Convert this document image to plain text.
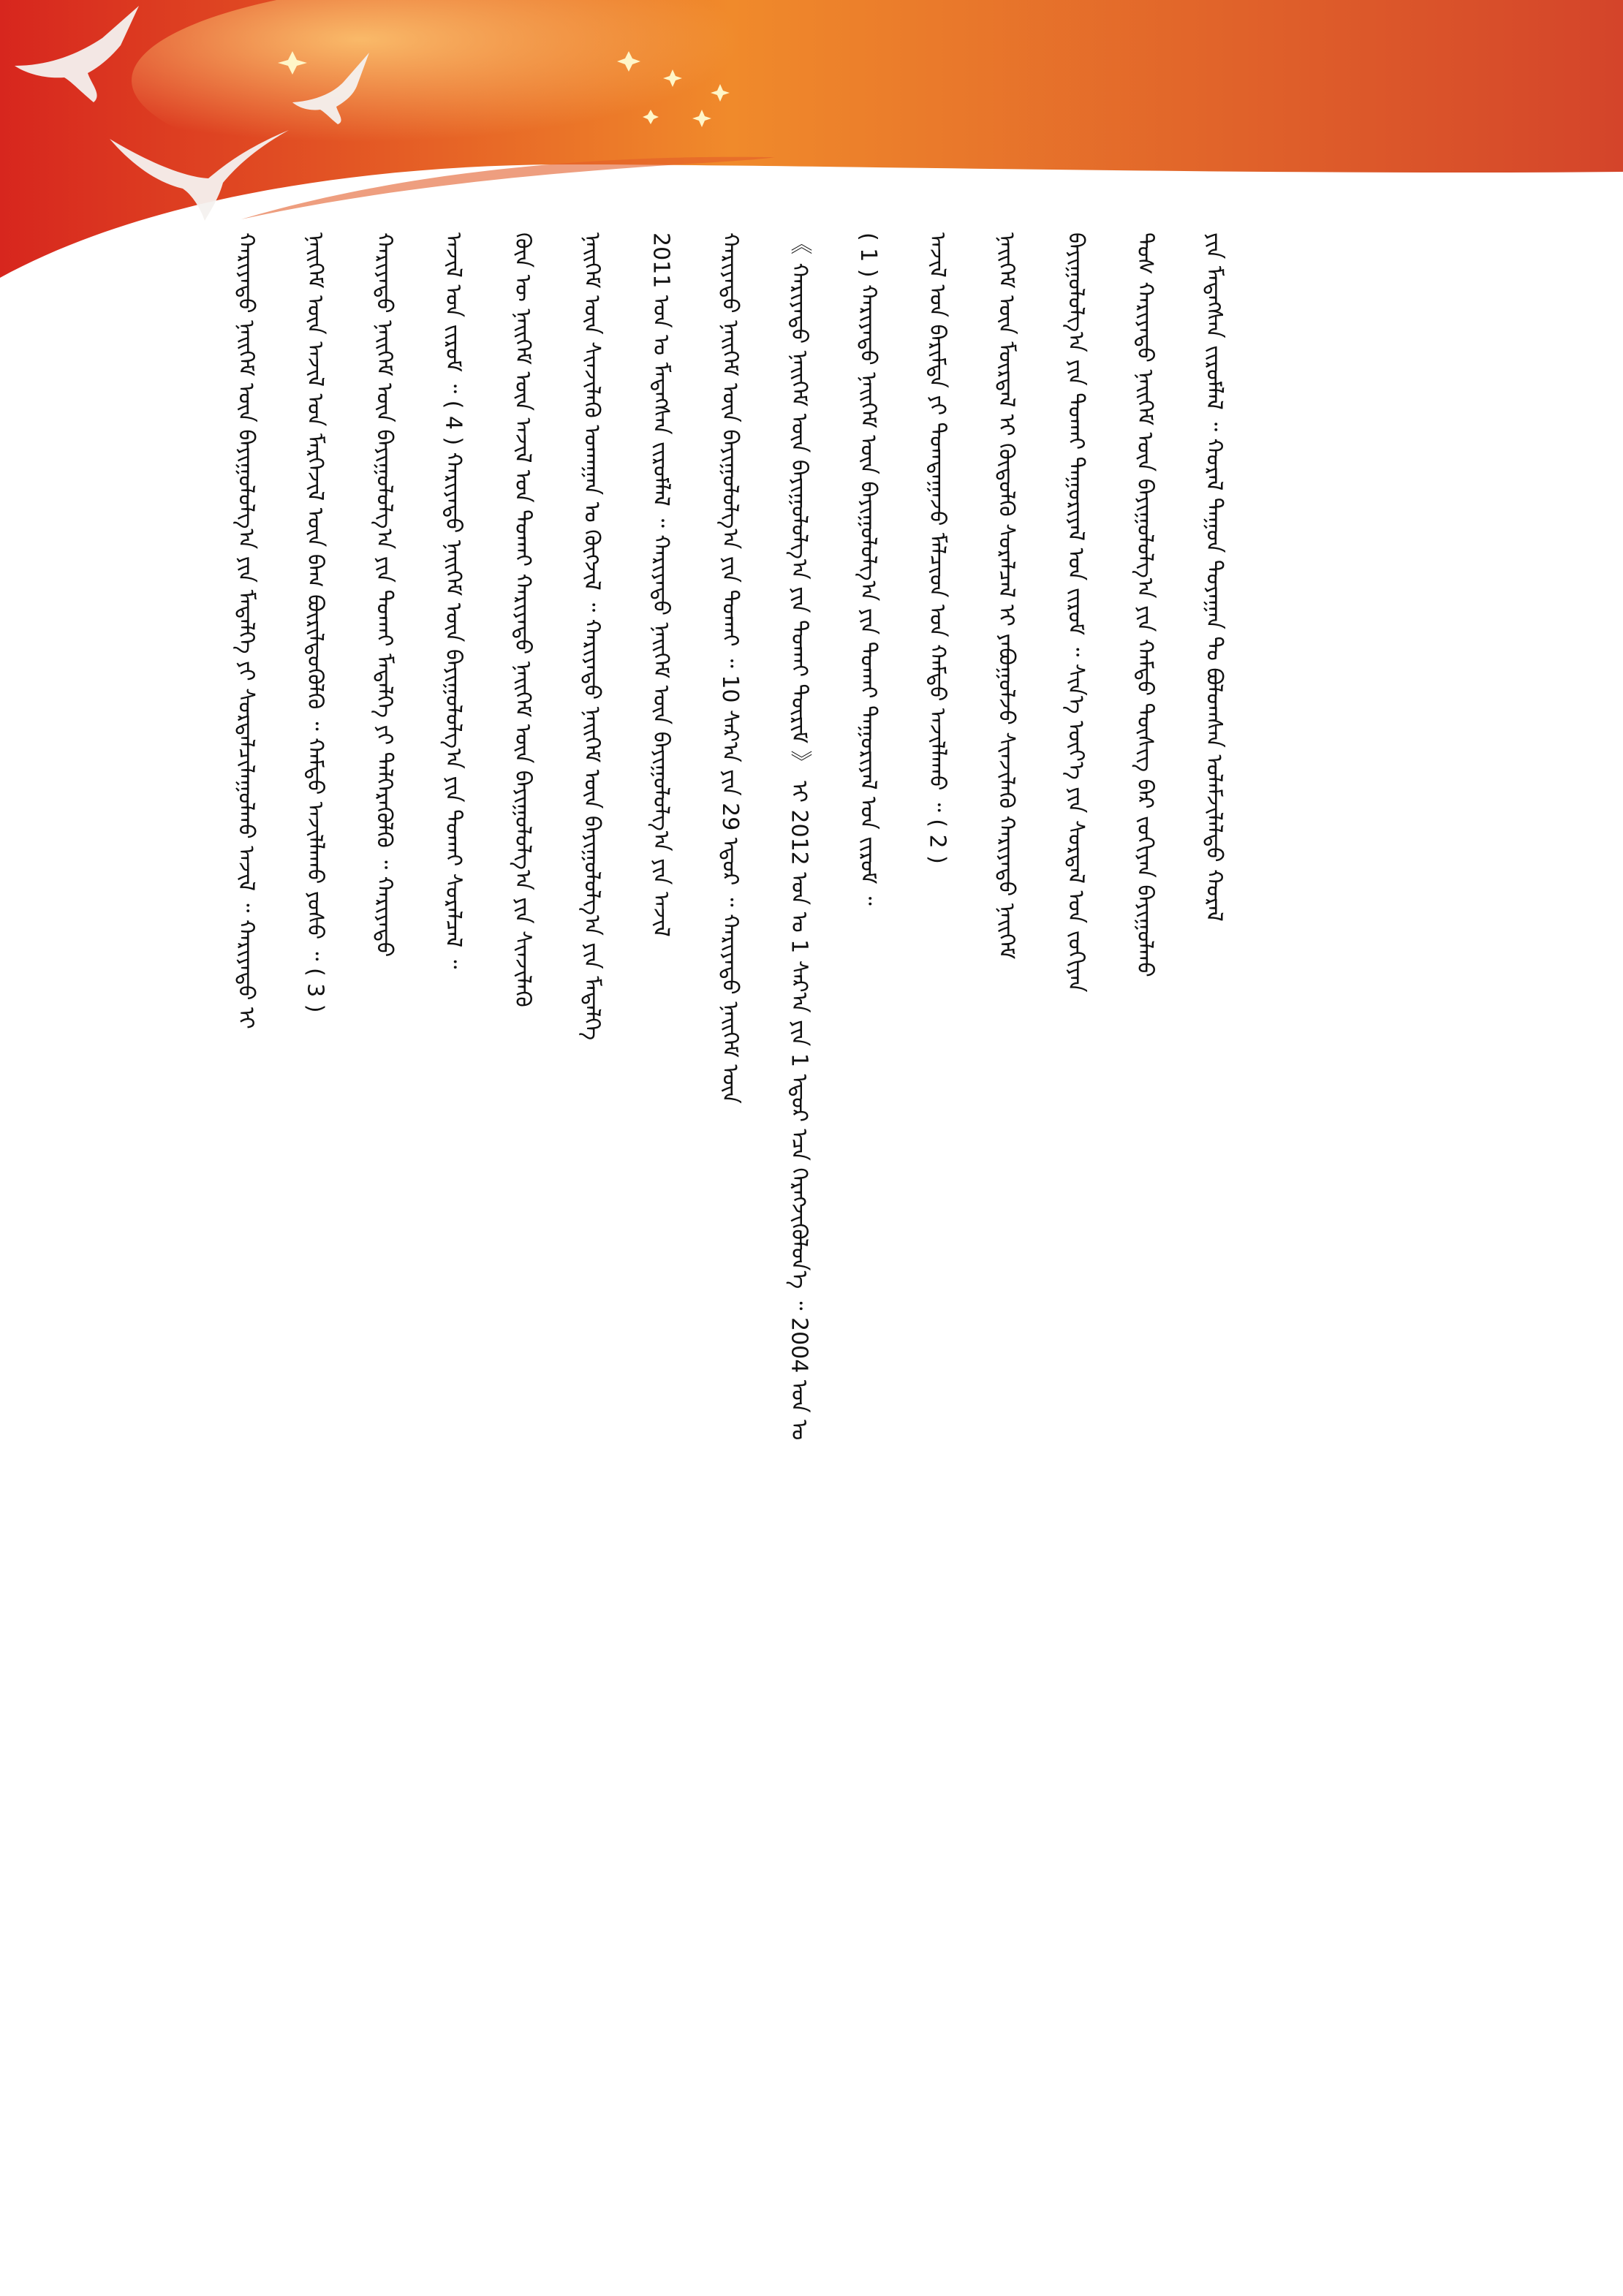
ᠶᠢᠨ ᠮᠡᠳᠡᠭᠰᠡᠨ ᠵᠢᠷᠤᠮᠯᠠᠯ ᠃ ᠬᠤᠷᠠᠯ ᠳᠠᠭᠤᠨ ᠲᠤᠶᠠᠭᠠᠨ ᠲᠤ ᠪᠤᠯᠤᠭᠰᠠᠨ ᠤᠯᠠᠮᠵᠢᠯᠠᠯᠲᠤ ᠬᠤᠷᠠᠯ
ᠲᠤᠰ ᠬᠠᠷᠢᠶᠠᠲᠤ ᠨᠡᠢᠭᠡᠮ ᠦᠨ ᠪᠠᠶᠢᠭᠤᠯᠤᠯᠭ᠎ᠠ ᠶᠢᠨ ᠬᠠᠮᠲᠤ ᠲᠦᠰᠢᠭ ᠪᠠᠷ ᠵᠣᠬᠢᠶᠠᠨ ᠪᠠᠶᠢᠭᠤᠯᠬᠤ
ᠪᠠᠶᠢᠭᠤᠯᠤᠯᠭ᠎ᠠ ᠶᠢᠨ ᠲᠤᠬᠠᠢ ᠳᠠᠭᠤᠷᠢᠶᠠᠯ ᠤᠨ ᠵᠢᠷᠤᠮ ᠃ ᠰᠢᠨ᠎ᠡ ᠦᠶ᠎ᠡ ᠶᠢᠨ ᠰᠤᠷᠲᠠᠯ ᠤᠨ ᠵᠣᠬᠢᠶᠠᠨ
ᠨᠡᠢᠭᠡᠮ ᠦᠨ ᠮᠦᠷᠳᠡᠯ ᠢ ᠬᠦᠲᠦᠯᠬᠦ ᠰᠤᠷᠠᠯᠴᠠᠯ ᠢ ᠶᠠᠪᠤᠭᠤᠯᠵᠤ ᠰᠢᠨᠵᠢᠯᠡᠬᠦ ᠬᠠᠷᠢᠶᠠᠲᠤ ᠨᠡᠢᠭᠡᠮ
ᠠᠵᠢᠯ ᠤᠨ ᠪᠠᠷᠢᠮᠲᠠ ᠶᠢ ᠲᠤᠭᠲᠠᠭᠠᠵᠤ ᠮᠠᠯᠴᠢᠳ ᠤᠨ ᠬᠠᠮᠲᠤ ᠠᠵᠢᠯᠯᠠᠬᠤ ᠃ ( 2 )
( 1 ) ᠬᠠᠷᠢᠶᠠᠲᠤ ᠨᠡᠢᠭᠡᠮ ᠦᠨ ᠪᠠᠶᠢᠭᠤᠯᠤᠯᠭ᠎ᠠ ᠶᠢᠨ ᠲᠤᠬᠠᠢ ᠳᠠᠭᠤᠷᠢᠶᠠᠯ ᠤᠨ ᠵᠢᠷᠤᠮ ᠃
《 ᠬᠠᠷᠢᠶᠠᠲᠤ ᠨᠡᠢᠭᠡᠮ ᠦᠨ ᠪᠠᠶᠢᠭᠤᠯᠤᠯᠭ᠎ᠠ ᠶᠢᠨ ᠲᠤᠬᠠᠢ ᠳᠦᠷᠢᠮ 》 ᠢ 2012 ᠣᠨ ᠤ 1 ᠰᠠᠷ᠎ᠠ ᠶᠢᠨ 1 ᠡᠳᠦᠷ ᠡᠴᠡ ᠬᠡᠷᠡᠭᠵᠢᠭᠦᠯᠦᠨ᠎ᠡ ᠃ 2004 ᠣᠨ ᠤ
ᠬᠠᠷᠢᠶᠠᠲᠤ ᠨᠡᠢᠭᠡᠮ ᠦᠨ ᠪᠠᠶᠢᠭᠤᠯᠤᠯᠭ᠎ᠠ ᠶᠢᠨ ᠲᠤᠬᠠᠢ ᠃ 10 ᠰᠠᠷ᠎ᠠ ᠶᠢᠨ 29 ᠡᠳᠦᠷ ᠃ ᠬᠠᠷᠢᠶᠠᠲᠤ ᠨᠡᠢᠭᠡᠮ ᠦᠨ
2011 ᠣᠨ ᠤ ᠮᠡᠳᠡᠭᠰᠡᠨ ᠵᠢᠷᠤᠮᠯᠠᠯ ᠃ ᠬᠠᠷᠢᠶᠠᠲᠤ ᠨᠡᠢᠭᠡᠮ ᠦᠨ ᠪᠠᠶᠢᠭᠤᠯᠤᠯᠭ᠎ᠠ ᠶᠢᠨ ᠠᠵᠢᠯ
ᠨᠡᠢᠭᠡᠮ ᠦᠨ ᠰᠢᠨᠵᠢᠯᠡᠬᠦ ᠤᠬᠠᠭᠠᠨ ᠤ ᠬᠦᠭᠵᠢᠯ ᠃ ᠬᠠᠷᠢᠶᠠᠲᠤ ᠨᠡᠢᠭᠡᠮ ᠦᠨ ᠪᠠᠶᠢᠭᠤᠯᠤᠯᠭ᠎ᠠ ᠶᠢᠨ ᠮᠡᠳᠡᠯᠭᠡ
ᠬᠦᠨ ᠦ ᠨᠡᠢᠭᠡᠮ ᠦᠨ ᠠᠵᠢᠯ ᠤᠨ ᠲᠤᠬᠠᠢ ᠬᠠᠷᠢᠶᠠᠲᠤ ᠨᠡᠢᠭᠡᠮ ᠦᠨ ᠪᠠᠶᠢᠭᠤᠯᠤᠯᠭ᠎ᠠ ᠶᠢᠨ ᠰᠢᠨᠵᠢᠯᠡᠬᠦ
ᠠᠵᠢᠯ ᠤᠨ ᠵᠢᠷᠤᠮ ᠃ ( 4 ) ᠬᠠᠷᠢᠶᠠᠲᠤ ᠨᠡᠢᠭᠡᠮ ᠦᠨ ᠪᠠᠶᠢᠭᠤᠯᠤᠯᠭ᠎ᠠ ᠶᠢᠨ ᠲᠤᠬᠠᠢ ᠰᠤᠷᠠᠯᠴᠠᠯ ᠃
ᠬᠠᠷᠢᠶᠠᠲᠤ ᠨᠡᠢᠭᠡᠮ ᠦᠨ ᠪᠠᠶᠢᠭᠤᠯᠤᠯᠭ᠎ᠠ ᠶᠢᠨ ᠲᠤᠬᠠᠢ ᠮᠡᠳᠡᠯᠭᠡ ᠶᠢ ᠳᠡᠯᠭᠡᠷᠡᠭᠦᠯᠬᠦ ᠃ ᠬᠠᠷᠢᠶᠠᠲᠤ
ᠨᠡᠢᠭᠡᠮ ᠦᠨ ᠠᠵᠢᠯ ᠤᠨ ᠮᠡᠷᠭᠡᠵᠢᠯ ᠦᠨ ᠪᠠᠭ ᠪᠦᠷᠢᠯᠳᠦᠭᠦᠯᠬᠦ ᠃ ᠬᠠᠮᠲᠤ ᠠᠵᠢᠯᠯᠠᠬᠤ ᠶᠣᠰᠣ ᠃ ( 3 )
ᠬᠠᠷᠢᠶᠠᠲᠤ ᠨᠡᠢᠭᠡᠮ ᠦᠨ ᠪᠠᠶᠢᠭᠤᠯᠤᠯᠭ᠎ᠠ ᠶᠢᠨ ᠮᠡᠳᠡᠯᠭᠡ ᠶᠢ ᠰᠤᠷᠲᠠᠯᠴᠢᠯᠠᠭᠤᠯᠬᠤ ᠠᠵᠢᠯ ᠃ ᠬᠠᠷᠢᠶᠠᠲᠤ ᠢ
